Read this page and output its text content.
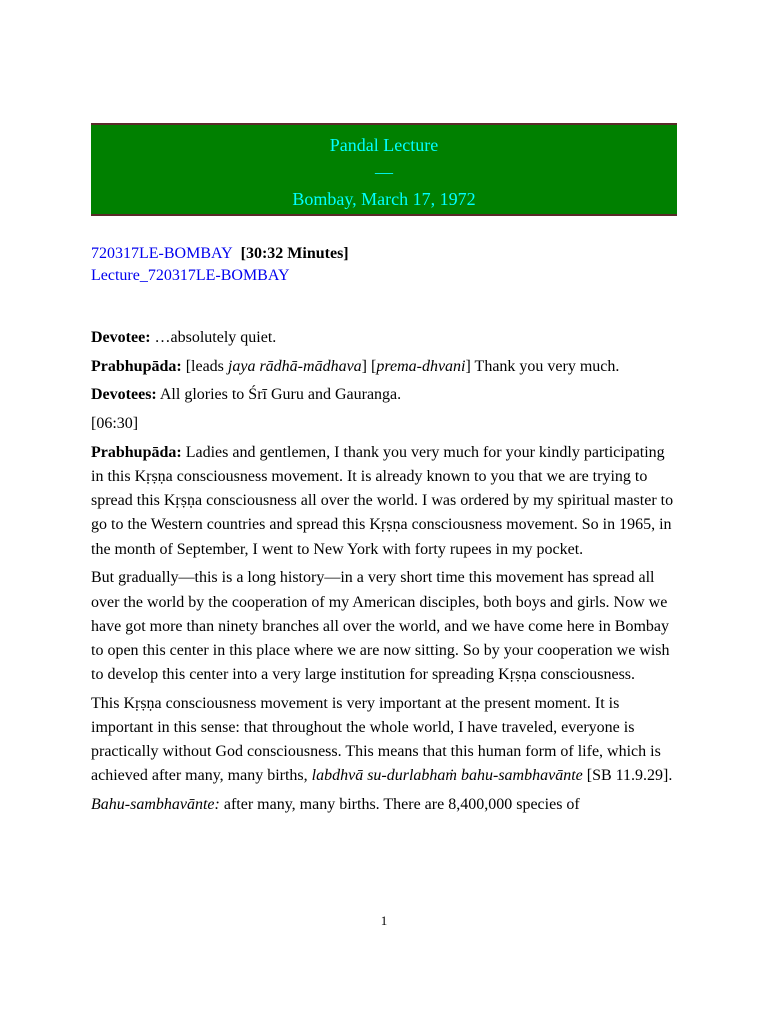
Pandal Lecture
—
Bombay, March 17, 1972
720317LE-BOMBAY [30:32 Minutes]
Lecture_720317LE-BOMBAY

Devotee: …absolutely quiet.

Prabhupāda: [leads jaya rādhā-mādhava] [prema-dhvani] Thank you very much.

Devotees: All glories to Śrī Guru and Gauranga.

[06:30]

Prabhupāda: Ladies and gentlemen, I thank you very much for your kindly participating in this Kṛṣṇa consciousness movement. It is already known to you that we are trying to spread this Kṛṣṇa consciousness all over the world. I was ordered by my spiritual master to go to the Western countries and spread this Kṛṣṇa consciousness movement. So in 1965, in the month of September, I went to New York with forty rupees in my pocket.

But gradually—this is a long history—in a very short time this movement has spread all over the world by the cooperation of my American disciples, both boys and girls. Now we have got more than ninety branches all over the world, and we have come here in Bombay to open this center in this place where we are now sitting. So by your cooperation we wish to develop this center into a very large institution for spreading Kṛṣṇa consciousness.

This Kṛṣṇa consciousness movement is very important at the present moment. It is important in this sense: that throughout the whole world, I have traveled, everyone is practically without God consciousness. This means that this human form of life, which is achieved after many, many births, labdhvā su-durlabhaṁ bahu-sambhavānte [SB 11.9.29].

Bahu-sambhavānte: after many, many births. There are 8,400,000 species of

1
